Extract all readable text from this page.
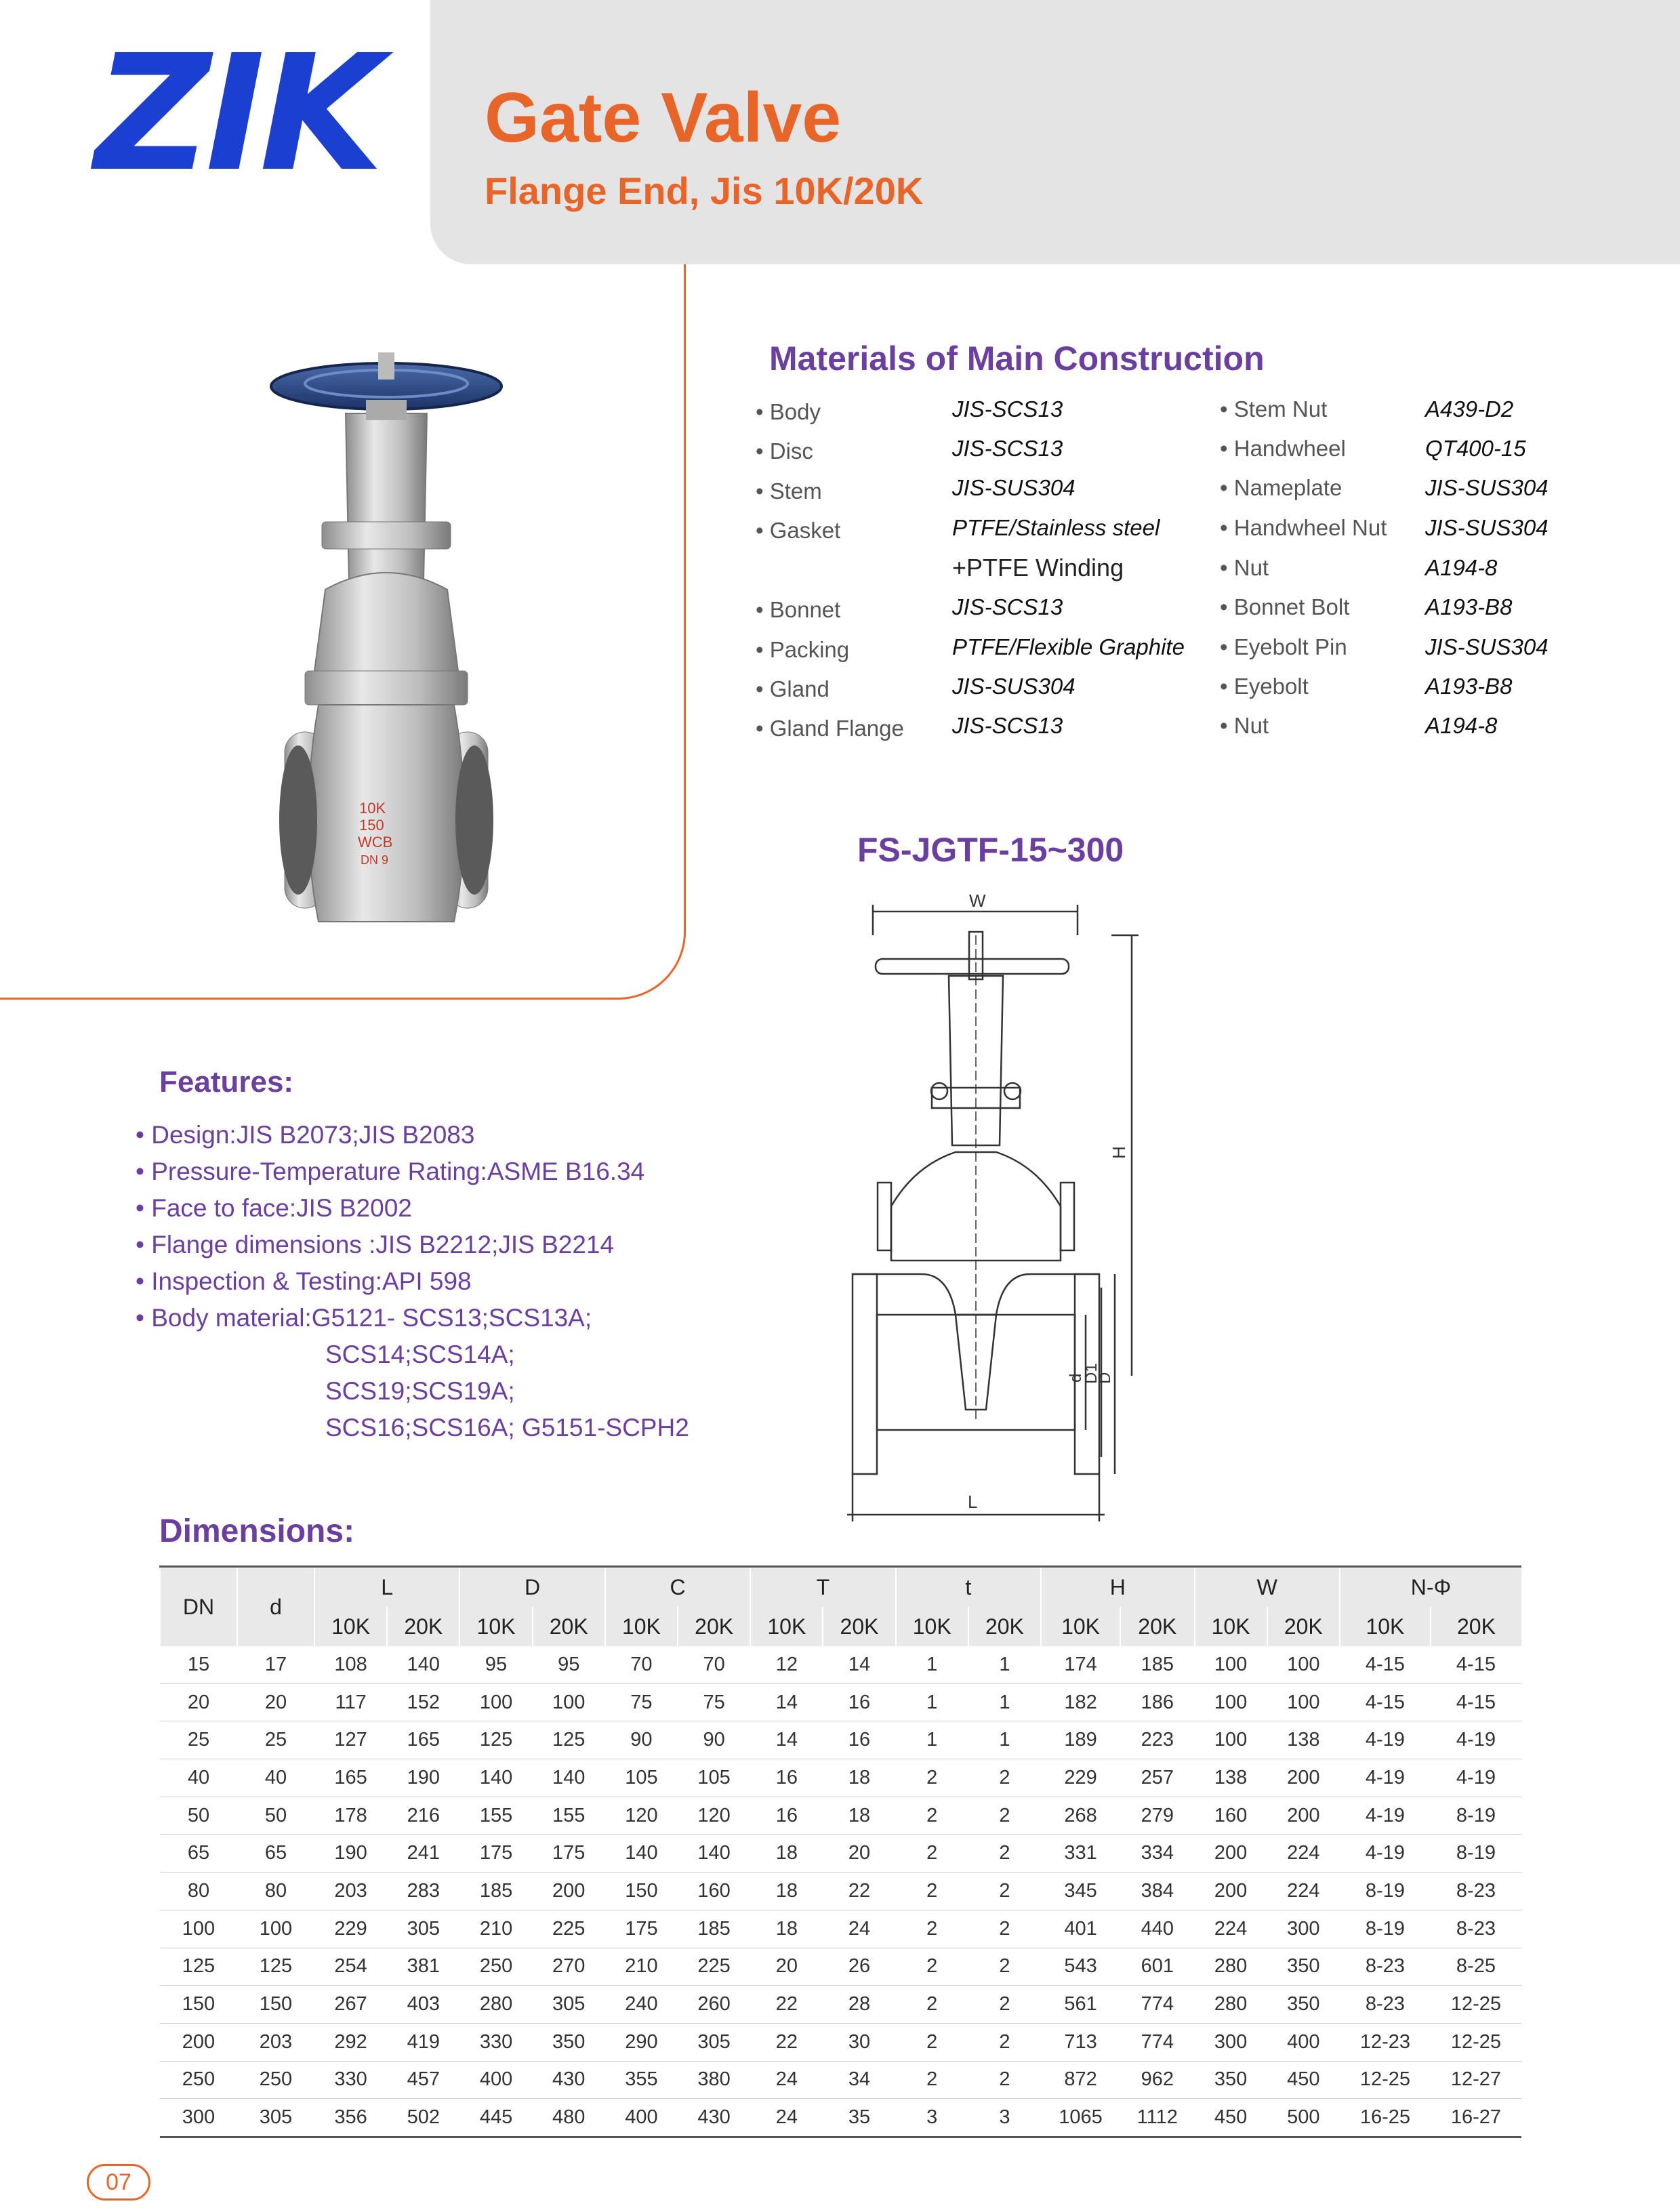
ZIK Gate Valve
Flange End, Jis 10K/20K
10K
150
WCB
DN 9
Materials of Main Construction
• Body	JIS-SCS13
• Disc	JIS-SCS13
• Stem	JIS-SUS304
• Gasket	PTFE/Stainless steel
+PTFE Winding
• Bonnet	JIS-SCS13
• Packing	PTFE/Flexible Graphite
• Gland	JIS-SUS304
• Gland Flange JIS-SCS13
• Stem Nut	A439-D2
• Handwheel	QT400-15
• Nameplate	JIS-SUS304
• Handwheel Nut JIS-SUS304
• Nut	A194-8
• Bonnet Bolt	A193-B8
• Eyebolt Pin	JIS-SUS304
• Eyebolt	A193-B8
• Nut	A194-8
FS-JGTF-15~300
W
L
H
d
D1
D
Features:
• Design:JIS B2073;JIS B2083
• Pressure-Temperature Rating:ASME B16.34
• Face to face:JIS B2002
• Flange dimensions :JIS B2212;JIS B2214
• Inspection & Testing:API 598
• Body material:G5121- SCS13;SCS13A;
SCS14;SCS14A;
SCS19;SCS19A;
SCS16;SCS16A; G5151-SCPH2
Dimensions:
DN	d	L		D		C		T		t		H		W		N-Φ	
		10K	20K	10K	20K	10K	20K	10K	20K	10K	20K	10K	20K	10K	20K	10K	20K
15	17	108	140	95	95	70	70	12	14	1	1	174	185	100	100	4-15	4-15
20	20	117	152	100	100	75	75	14	16	1	1	182	186	100	100	4-15	4-15
25	25	127	165	125	125	90	90	14	16	1	1	189	223	100	138	4-19	4-19
40	40	165	190	140	140	105	105	16	18	2	2	229	257	138	200	4-19	4-19
50	50	178	216	155	155	120	120	16	18	2	2	268	279	160	200	4-19	8-19
65	65	190	241	175	175	140	140	18	20	2	2	331	334	200	224	4-19	8-19
80	80	203	283	185	200	150	160	18	22	2	2	345	384	200	224	8-19	8-23
100	100	229	305	210	225	175	185	18	24	2	2	401	440	224	300	8-19	8-23
125	125	254	381	250	270	210	225	20	26	2	2	543	601	280	350	8-23	8-25
150	150	267	403	280	305	240	260	22	28	2	2	561	774	280	350	8-23	12-25
200	203	292	419	330	350	290	305	22	30	2	2	713	774	300	400	12-23	12-25
250	250	330	457	400	430	355	380	24	34	2	2	872	962	350	450	12-25	12-27
300	305	356	502	445	480	400	430	24	35	3	3	1065	1112	450	500	16-25	16-27
07
